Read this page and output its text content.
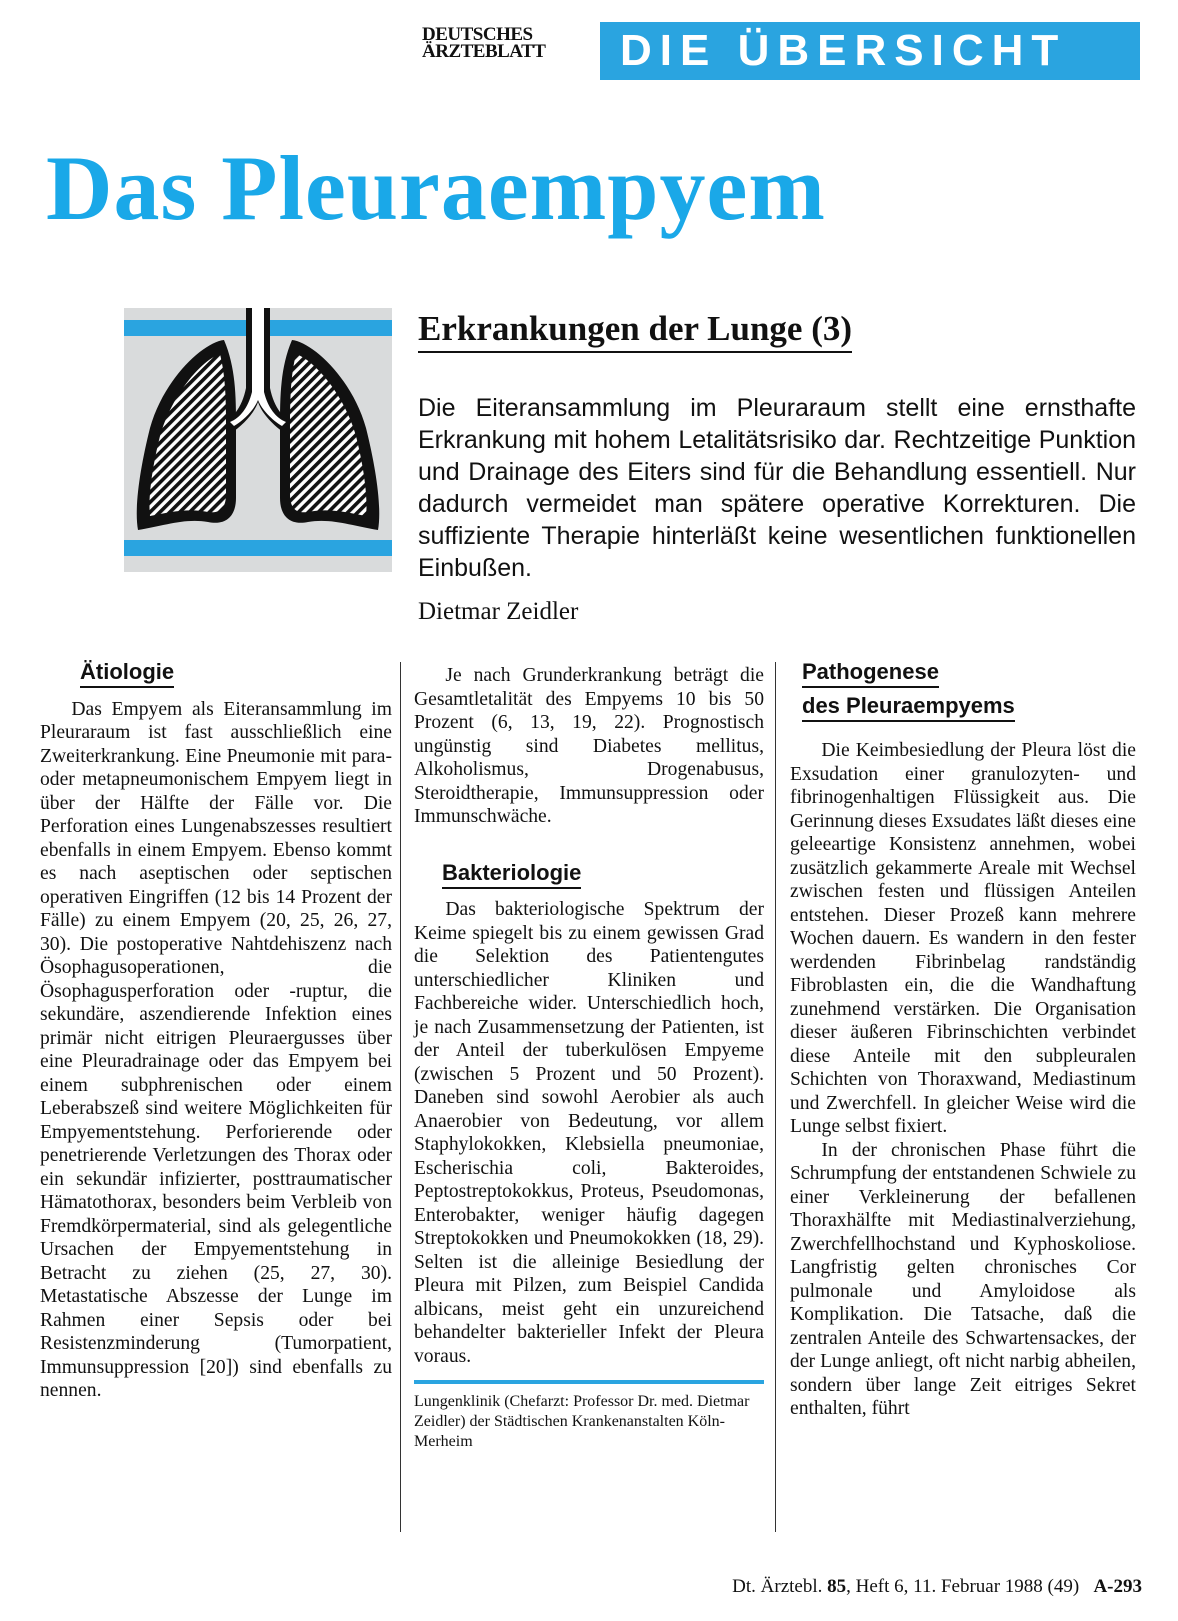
DEUTSCHES
ÄRZTEBLATT	DIE ÜBERSICHT
Das Pleuraempyem
Erkrankungen der Lunge (3)
Die Eiteransammlung im Pleuraraum stellt eine ernsthafte Erkrankung mit hohem Letalitätsrisiko dar. Rechtzeitige Punktion und Drainage des Eiters sind für die Behandlung essentiell. Nur dadurch vermeidet man spätere operative Korrekturen. Die suffiziente Therapie hinterläßt keine wesentlichen funktionellen Einbußen.
Dietmar Zeidler
Ätiologie

Das Empyem als Eiteransammlung im Pleuraraum ist fast ausschließlich eine Zweiterkrankung. Eine Pneumonie mit para- oder metapneumonischem Empyem liegt in über der Hälfte der Fälle vor. Die Perforation eines Lungenabszesses resultiert ebenfalls in einem Empyem. Ebenso kommt es nach aseptischen oder septischen operativen Eingriffen (12 bis 14 Prozent der Fälle) zu einem Empyem (20, 25, 26, 27, 30). Die postoperative Nahtdehiszenz nach Ösophagusoperationen, die Ösophagusperforation oder -ruptur, die sekundäre, aszendierende Infektion eines primär nicht eitrigen Pleuraergusses über eine Pleuradrainage oder das Empyem bei einem subphrenischen oder einem Leberabszeß sind weitere Möglichkeiten für Empyementstehung. Perforierende oder penetrierende Verletzungen des Thorax oder ein sekundär infizierter, posttraumatischer Hämatothorax, besonders beim Verbleib von Fremdkörpermaterial, sind als gelegentliche Ursachen der Empyementstehung in Betracht zu ziehen (25, 27, 30). Metastatische Abszesse der Lunge im Rahmen einer Sepsis oder bei Resistenzminderung (Tumorpatient, Immunsuppression [20]) sind ebenfalls zu nennen.

Je nach Grunderkrankung beträgt die Gesamtletalität des Empyems 10 bis 50 Prozent (6, 13, 19, 22). Prognostisch ungünstig sind Diabetes mellitus, Alkoholismus, Drogenabusus, Steroidtherapie, Immunsuppression oder Immunschwäche.

Bakteriologie

Das bakteriologische Spektrum der Keime spiegelt bis zu einem gewissen Grad die Selektion des Patientengutes unterschiedlicher Kliniken und Fachbereiche wider. Unterschiedlich hoch, je nach Zusammensetzung der Patienten, ist der Anteil der tuberkulösen Empyeme (zwischen 5 Prozent und 50 Prozent). Daneben sind sowohl Aerobier als auch Anaerobier von Bedeutung, vor allem Staphylokokken, Klebsiella pneumoniae, Escherischia coli, Bakteroides, Peptostreptokokkus, Proteus, Pseudomonas, Enterobakter, weniger häufig dagegen Streptokokken und Pneumokokken (18, 29). Selten ist die alleinige Besiedlung der Pleura mit Pilzen, zum Beispiel Candida albicans, meist geht ein unzureichend behandelter bakterieller Infekt der Pleura voraus.

Lungenklinik (Chefarzt: Professor Dr. med. Dietmar Zeidler) der Städtischen Krankenanstalten Köln-Merheim
Pathogenese
des Pleuraempyems

Die Keimbesiedlung der Pleura löst die Exsudation einer granulozyten- und fibrinogenhaltigen Flüssigkeit aus. Die Gerinnung dieses Exsudates läßt dieses eine geleeartige Konsistenz annehmen, wobei zusätzlich gekammerte Areale mit Wechsel zwischen festen und flüssigen Anteilen entstehen. Dieser Prozeß kann mehrere Wochen dauern. Es wandern in den fester werdenden Fibrinbelag randständig Fibroblasten ein, die die Wandhaftung zunehmend verstärken. Die Organisation dieser äußeren Fibrinschichten verbindet diese Anteile mit den subpleuralen Schichten von Thoraxwand, Mediastinum und Zwerchfell. In gleicher Weise wird die Lunge selbst fixiert.

In der chronischen Phase führt die Schrumpfung der entstandenen Schwiele zu einer Verkleinerung der befallenen Thoraxhälfte mit Mediastinalverziehung, Zwerchfellhochstand und Kyphoskoliose. Langfristig gelten chronisches Cor pulmonale und Amyloidose als Komplikation. Die Tatsache, daß die zentralen Anteile des Schwartensackes, der der Lunge anliegt, oft nicht narbig abheilen, sondern über lange Zeit eitriges Sekret enthalten, führt

Dt. Ärztebl. 85, Heft 6, 11. Februar 1988 (49) A-293
